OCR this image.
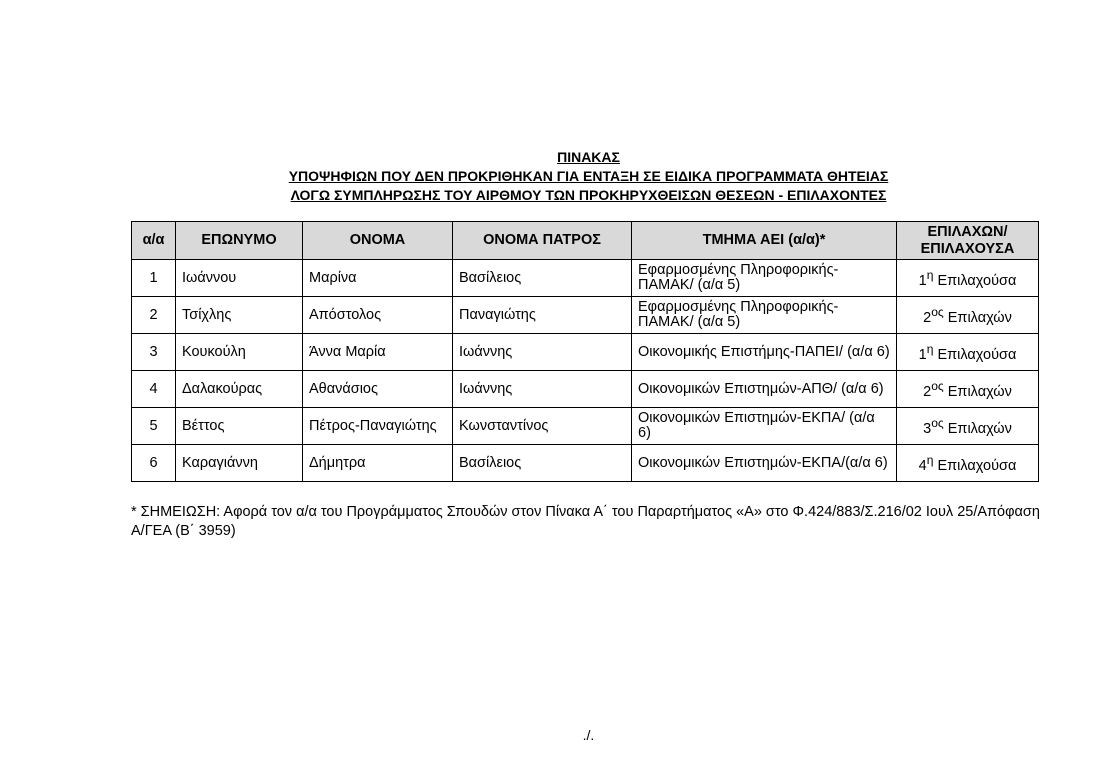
ΠΙΝΑΚΑΣ
ΥΠΟΨΗΦΙΩΝ ΠΟΥ ΔΕΝ ΠΡΟΚΡΙΘΗΚΑΝ ΓΙΑ ΕΝΤΑΞΗ ΣΕ ΕΙΔΙΚΑ ΠΡΟΓΡΑΜΜΑΤΑ ΘΗΤΕΙΑΣ
ΛΟΓΩ ΣΥΜΠΛΗΡΩΣΗΣ ΤΟΥ ΑΙΡΘΜΟΥ ΤΩΝ ΠΡΟΚΗΡΥΧΘΕΙΣΩΝ ΘΕΣΕΩΝ - ΕΠΙΛΑΧΟΝΤΕΣ
α/α	ΕΠΩΝΥΜΟ	ΟΝΟΜΑ	ΟΝΟΜΑ ΠΑΤΡΟΣ	ΤΜΗΜΑ ΑΕΙ (α/α)*	ΕΠΙΛΑΧΩΝ/ ΕΠΙΛΑΧΟΥΣΑ
1	Ιωάννου	Μαρίνα	Βασίλειος	Εφαρμοσμένης Πληροφορικής-ΠΑΜΑΚ/ (α/α 5)	$1^\eta$ Επιλαχούσα
2	Τσίχλης	Απόστολος	Παναγιώτης	Εφαρμοσμένης Πληροφορικής-ΠΑΜΑΚ/ (α/α 5)	$2^{o\varsigma}$ Επιλαχών
3	Κουκούλη	Άννα Μαρία	Ιωάννης	Οικονομικής Επιστήμης-ΠΑΠΕΙ/ (α/α 6)	$1^\eta$ Επιλαχούσα
4	Δαλακούρας	Αθανάσιος	Ιωάννης	Οικονομικών Επιστημών-ΑΠΘ/ (α/α 6)	$2^{o\varsigma}$ Επιλαχών
5	Βέττος	Πέτρος-Παναγιώτης	Κωνσταντίνος	Οικονομικών Επιστημών-ΕΚΠΑ/ (α/α 6)	$3^{o\varsigma}$ Επιλαχών
6	Καραγιάννη	Δήμητρα	Βασίλειος	Οικονομικών Επιστημών-ΕΚΠΑ/(α/α 6)	$4^\eta$ Επιλαχούσα
* ΣΗΜΕΙΩΣΗ: Αφορά τον α/α του Προγράμματος Σπουδών στον Πίνακα Α΄ του Παραρτήματος «Α» στο Φ.424/883/Σ.216/02 Ιουλ 25/Απόφαση Α/ΓΕΑ (Β΄ 3959)
./.
